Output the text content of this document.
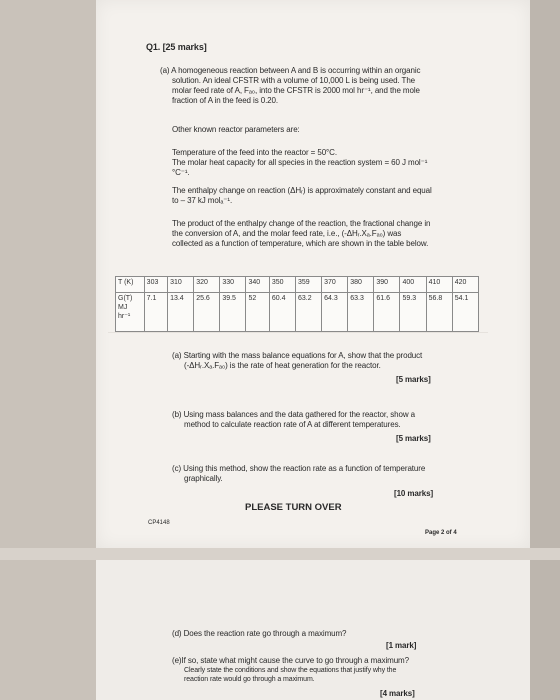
Q1. [25 marks]
(a) A homogeneous reaction between A and B is occurring within an organic
solution. An ideal CFSTR with a volume of 10,000 L is being used. The
molar feed rate of A, Fₐ₀, into the CFSTR is 2000 mol hr⁻¹, and the mole
fraction of A in the feed is 0.20.
Other known reactor parameters are:
Temperature of the feed into the reactor = 50°C.
The molar heat capacity for all species in the reaction system = 60 J mol⁻¹
°C⁻¹.
The enthalpy change on reaction (ΔHᵣ) is approximately constant and equal
to – 37 kJ molₐ⁻¹.
The product of the enthalpy change of the reaction, the fractional change in
the conversion of A, and the molar feed rate, i.e., (-ΔHᵣ.Xₐ.Fₐ₀) was
collected as a function of temperature, which are shown in the table below.
T (K)	303	310	320	330	340	350	359	370	380	390	400	410	420

G(T)
MJ
hr⁻¹	7.1	13.4	25.6	39.5	52	60.4	63.2	64.3	63.3	61.6	59.3	56.8	54.1
(a) Starting with the mass balance equations for A, show that the product
(-ΔHᵣ.Xₐ.Fₐ₀) is the rate of heat generation for the reactor.
[5 marks]
(b) Using mass balances and the data gathered for the reactor, show a
method to calculate reaction rate of A at different temperatures.
[5 marks]
(c) Using this method, show the reaction rate as a function of temperature
graphically.
[10 marks]
PLEASE TURN OVER
CP4148
Page 2 of 4
(d) Does the reaction rate go through a maximum?
[1 mark]
(e)If so, state what might cause the curve to go through a maximum?
Clearly state the conditions and show the equations that justify why the
reaction rate would go through a maximum.
[4 marks]
